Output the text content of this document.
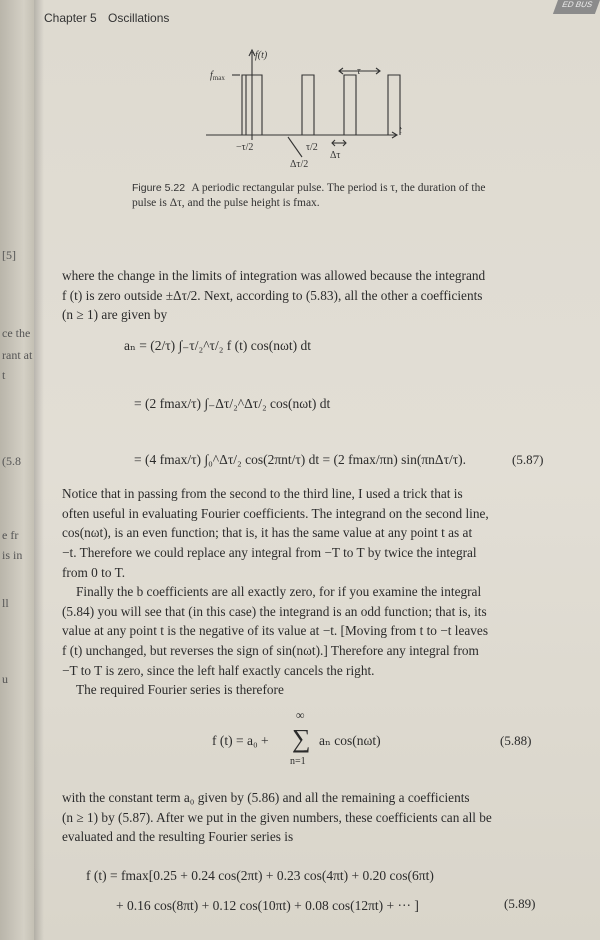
[5]
ce the
rant at
t
(5.8
e fr
is in
ll
u
ED BUS
Chapter 5 Oscillations
f(t)
$f_{max}$
τ
t
−τ/2	τ/2
Δτ
Δτ/2
Figure 5.22 A periodic rectangular pulse. The period is τ, the duration of the pulse is Δτ, and the pulse height is fmax.
where the change in the limits of integration was allowed because the integrand
f (t) is zero outside ±Δτ/2. Next, according to (5.83), all the other a coefficients
(n ≥ 1) are given by
aₙ = (2/τ) ∫₋τ/₂^τ/₂ f (t) cos(nωt) dt
= (2 fmax/τ) ∫₋Δτ/₂^Δτ/₂ cos(nωt) dt
= (4 fmax/τ) ∫₀^Δτ/₂ cos(2πnt/τ) dt = (2 fmax/πn) sin(πnΔτ/τ).	(5.87)
Notice that in passing from the second to the third line, I used a trick that is
often useful in evaluating Fourier coefficients. The integrand on the second line,
cos(nωt), is an even function; that is, it has the same value at any point t as at
−t. Therefore we could replace any integral from −T to T by twice the integral
from 0 to T.
Finally the b coefficients are all exactly zero, for if you examine the integral
(5.84) you will see that (in this case) the integrand is an odd function; that is, its
value at any point t is the negative of its value at −t. [Moving from t to −t leaves
f (t) unchanged, but reverses the sign of sin(nωt).] Therefore any integral from
−T to T is zero, since the left half exactly cancels the right.
The required Fourier series is therefore
f (t) = a₀ +
∞
∑
n=1
aₙ cos(nωt)	(5.88)
with the constant term a₀ given by (5.86) and all the remaining a coefficients
(n ≥ 1) by (5.87). After we put in the given numbers, these coefficients can all be
evaluated and the resulting Fourier series is
f (t) = fmax[0.25 + 0.24 cos(2πt) + 0.23 cos(4πt) + 0.20 cos(6πt)
+ 0.16 cos(8πt) + 0.12 cos(10πt) + 0.08 cos(12πt) + ··· ]	(5.89)
